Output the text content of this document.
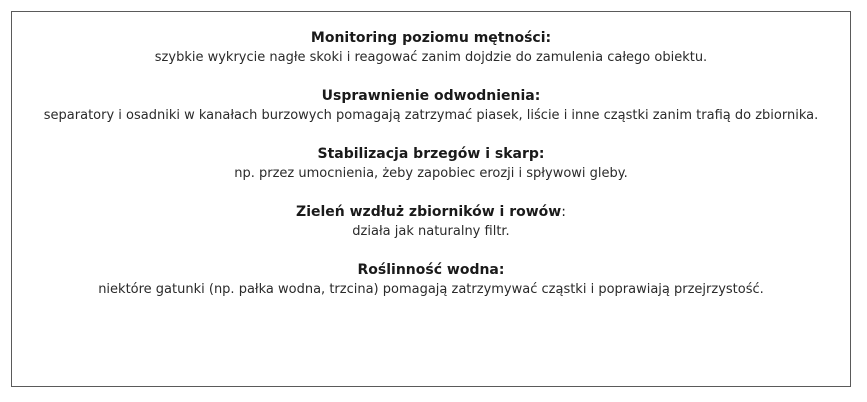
Monitoring poziomu mętności:

szybkie wykrycie nagłe skoki i reagować zanim dojdzie do zamulenia całego obiektu.

Usprawnienie odwodnienia:

separatory i osadniki w kanałach burzowych pomagają zatrzymać piasek, liście i inne cząstki zanim trafią do zbiornika.

Stabilizacja brzegów i skarp:

np. przez umocnienia, żeby zapobiec erozji i spływowi gleby.

Zieleń wzdłuż zbiorników i rowów:

działa jak naturalny filtr.

Roślinność wodna:

niektóre gatunki (np. pałka wodna, trzcina) pomagają zatrzymywać cząstki i poprawiają przejrzystość.
